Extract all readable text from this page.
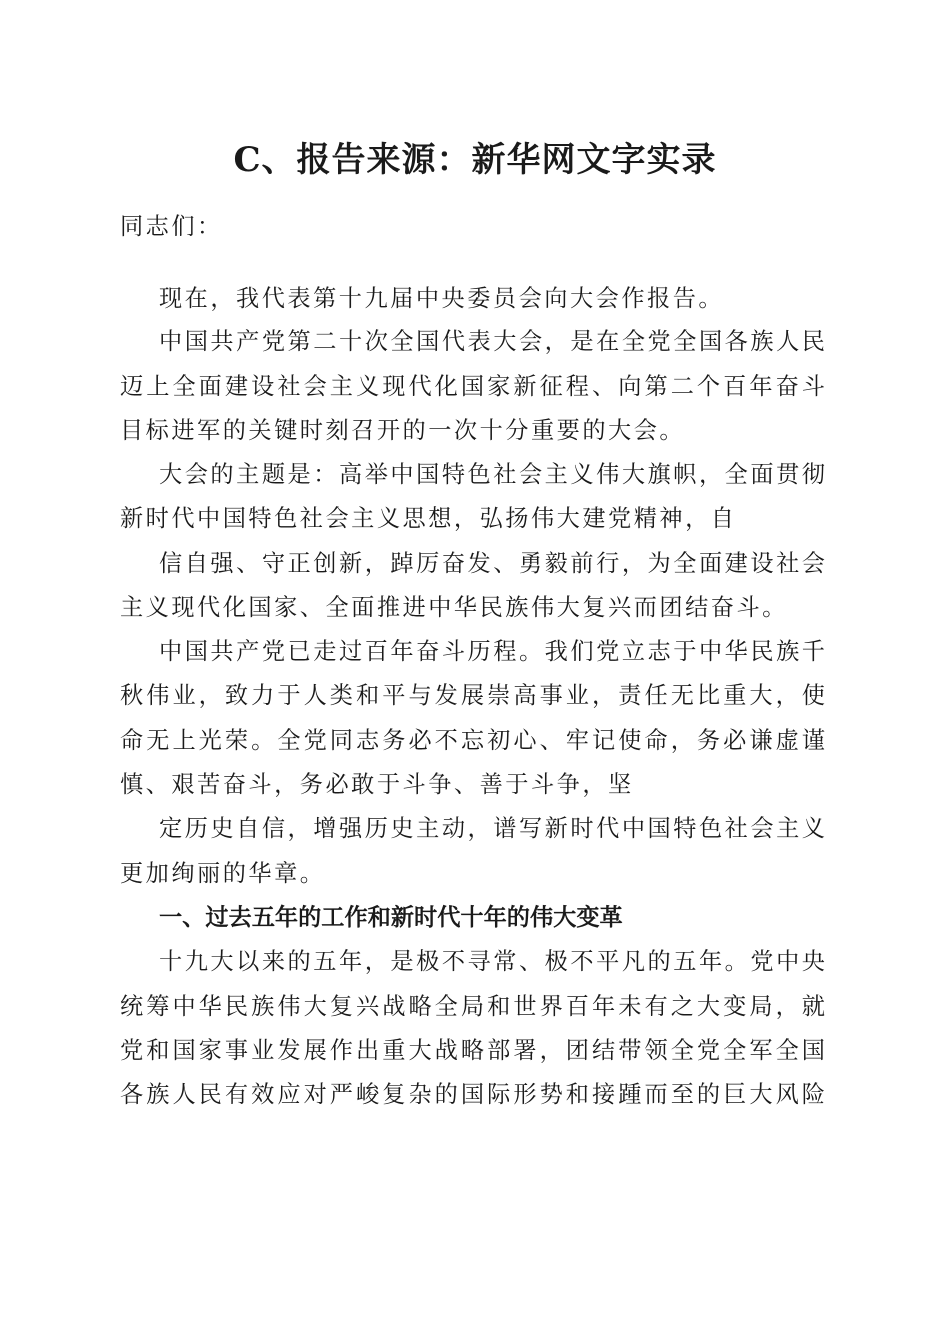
C、报告来源：新华网文字实录
同志们：
现在，我代表第十九届中央委员会向大会作报告。
中国共产党第二十次全国代表大会，是在全党全国各族人民
迈上全面建设社会主义现代化国家新征程、向第二个百年奋斗
目标进军的关键时刻召开的一次十分重要的大会。
大会的主题是：高举中国特色社会主义伟大旗帜，全面贯彻
新时代中国特色社会主义思想，弘扬伟大建党精神，自
信自强、守正创新，踔厉奋发、勇毅前行，为全面建设社会
主义现代化国家、全面推进中华民族伟大复兴而团结奋斗。
中国共产党已走过百年奋斗历程。我们党立志于中华民族千
秋伟业，致力于人类和平与发展崇高事业，责任无比重大，使
命无上光荣。全党同志务必不忘初心、牢记使命，务必谦虚谨
慎、艰苦奋斗，务必敢于斗争、善于斗争，坚
定历史自信，增强历史主动，谱写新时代中国特色社会主义
更加绚丽的华章。
一、过去五年的工作和新时代十年的伟大变革
十九大以来的五年，是极不寻常、极不平凡的五年。党中央
统筹中华民族伟大复兴战略全局和世界百年未有之大变局，就
党和国家事业发展作出重大战略部署，团结带领全党全军全国
各族人民有效应对严峻复杂的国际形势和接踵而至的巨大风险
